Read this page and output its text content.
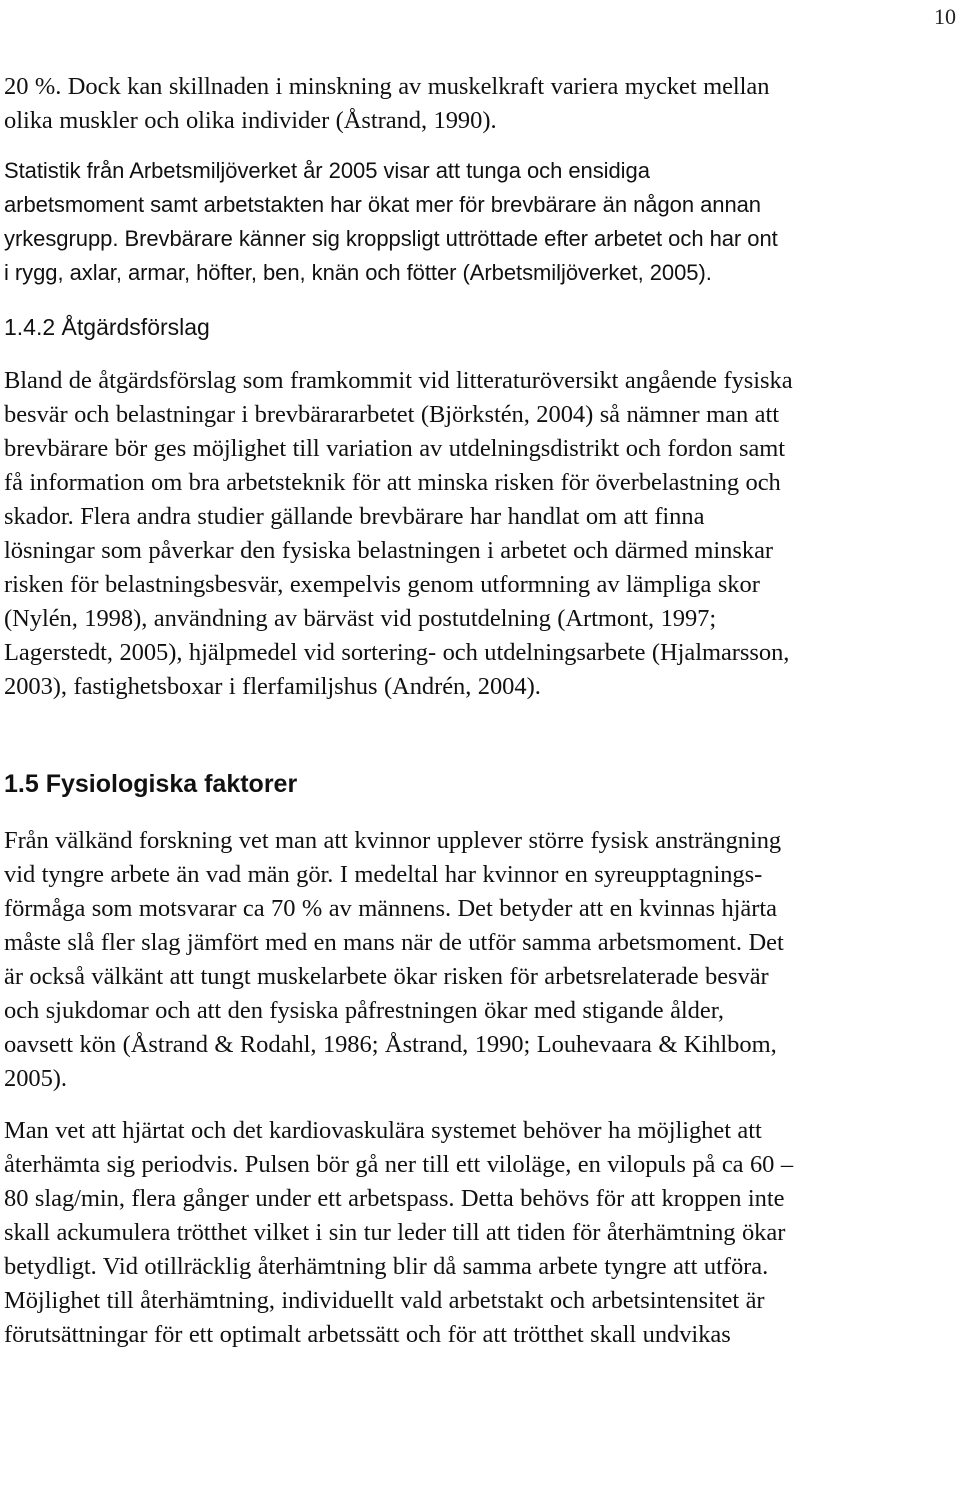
10
20 %. Dock kan skillnaden i minskning av muskelkraft variera mycket mellan
olika muskler och olika individer (Åstrand, 1990).
Statistik från Arbetsmiljöverket år 2005 visar att tunga och ensidiga
arbetsmoment samt arbetstakten har ökat mer för brevbärare än någon annan
yrkesgrupp. Brevbärare känner sig kroppsligt uttröttade efter arbetet och har ont
i rygg, axlar, armar, höfter, ben, knän och fötter (Arbetsmiljöverket, 2005).
1.4.2 Åtgärdsförslag
Bland de åtgärdsförslag som framkommit vid litteraturöversikt angående fysiska
besvär och belastningar i brevbärararbetet (Björkstén, 2004) så nämner man att
brevbärare bör ges möjlighet till variation av utdelningsdistrikt och fordon samt
få information om bra arbetsteknik för att minska risken för överbelastning och
skador. Flera andra studier gällande brevbärare har handlat om att finna
lösningar som påverkar den fysiska belastningen i arbetet och därmed minskar
risken för belastningsbesvär, exempelvis genom utformning av lämpliga skor
(Nylén, 1998), användning av bärväst vid postutdelning (Artmont, 1997;
Lagerstedt, 2005), hjälpmedel vid sortering- och utdelningsarbete (Hjalmarsson,
2003), fastighetsboxar i flerfamiljshus (Andrén, 2004).
1.5 Fysiologiska faktorer
Från välkänd forskning vet man att kvinnor upplever större fysisk ansträngning
vid tyngre arbete än vad män gör. I medeltal har kvinnor en syreupptagnings-
förmåga som motsvarar ca 70 % av männens. Det betyder att en kvinnas hjärta
måste slå fler slag jämfört med en mans när de utför samma arbetsmoment. Det
är också välkänt att tungt muskelarbete ökar risken för arbetsrelaterade besvär
och sjukdomar och att den fysiska påfrestningen ökar med stigande ålder,
oavsett kön (Åstrand & Rodahl, 1986; Åstrand, 1990; Louhevaara & Kihlbom,
2005).
Man vet att hjärtat och det kardiovaskulära systemet behöver ha möjlighet att
återhämta sig periodvis. Pulsen bör gå ner till ett viloläge, en vilopuls på ca 60 –
80 slag/min, flera gånger under ett arbetspass. Detta behövs för att kroppen inte
skall ackumulera trötthet vilket i sin tur leder till att tiden för återhämtning ökar
betydligt. Vid otillräcklig återhämtning blir då samma arbete tyngre att utföra.
Möjlighet till återhämtning, individuellt vald arbetstakt och arbetsintensitet är
förutsättningar för ett optimalt arbetssätt och för att trötthet skall undvikas
